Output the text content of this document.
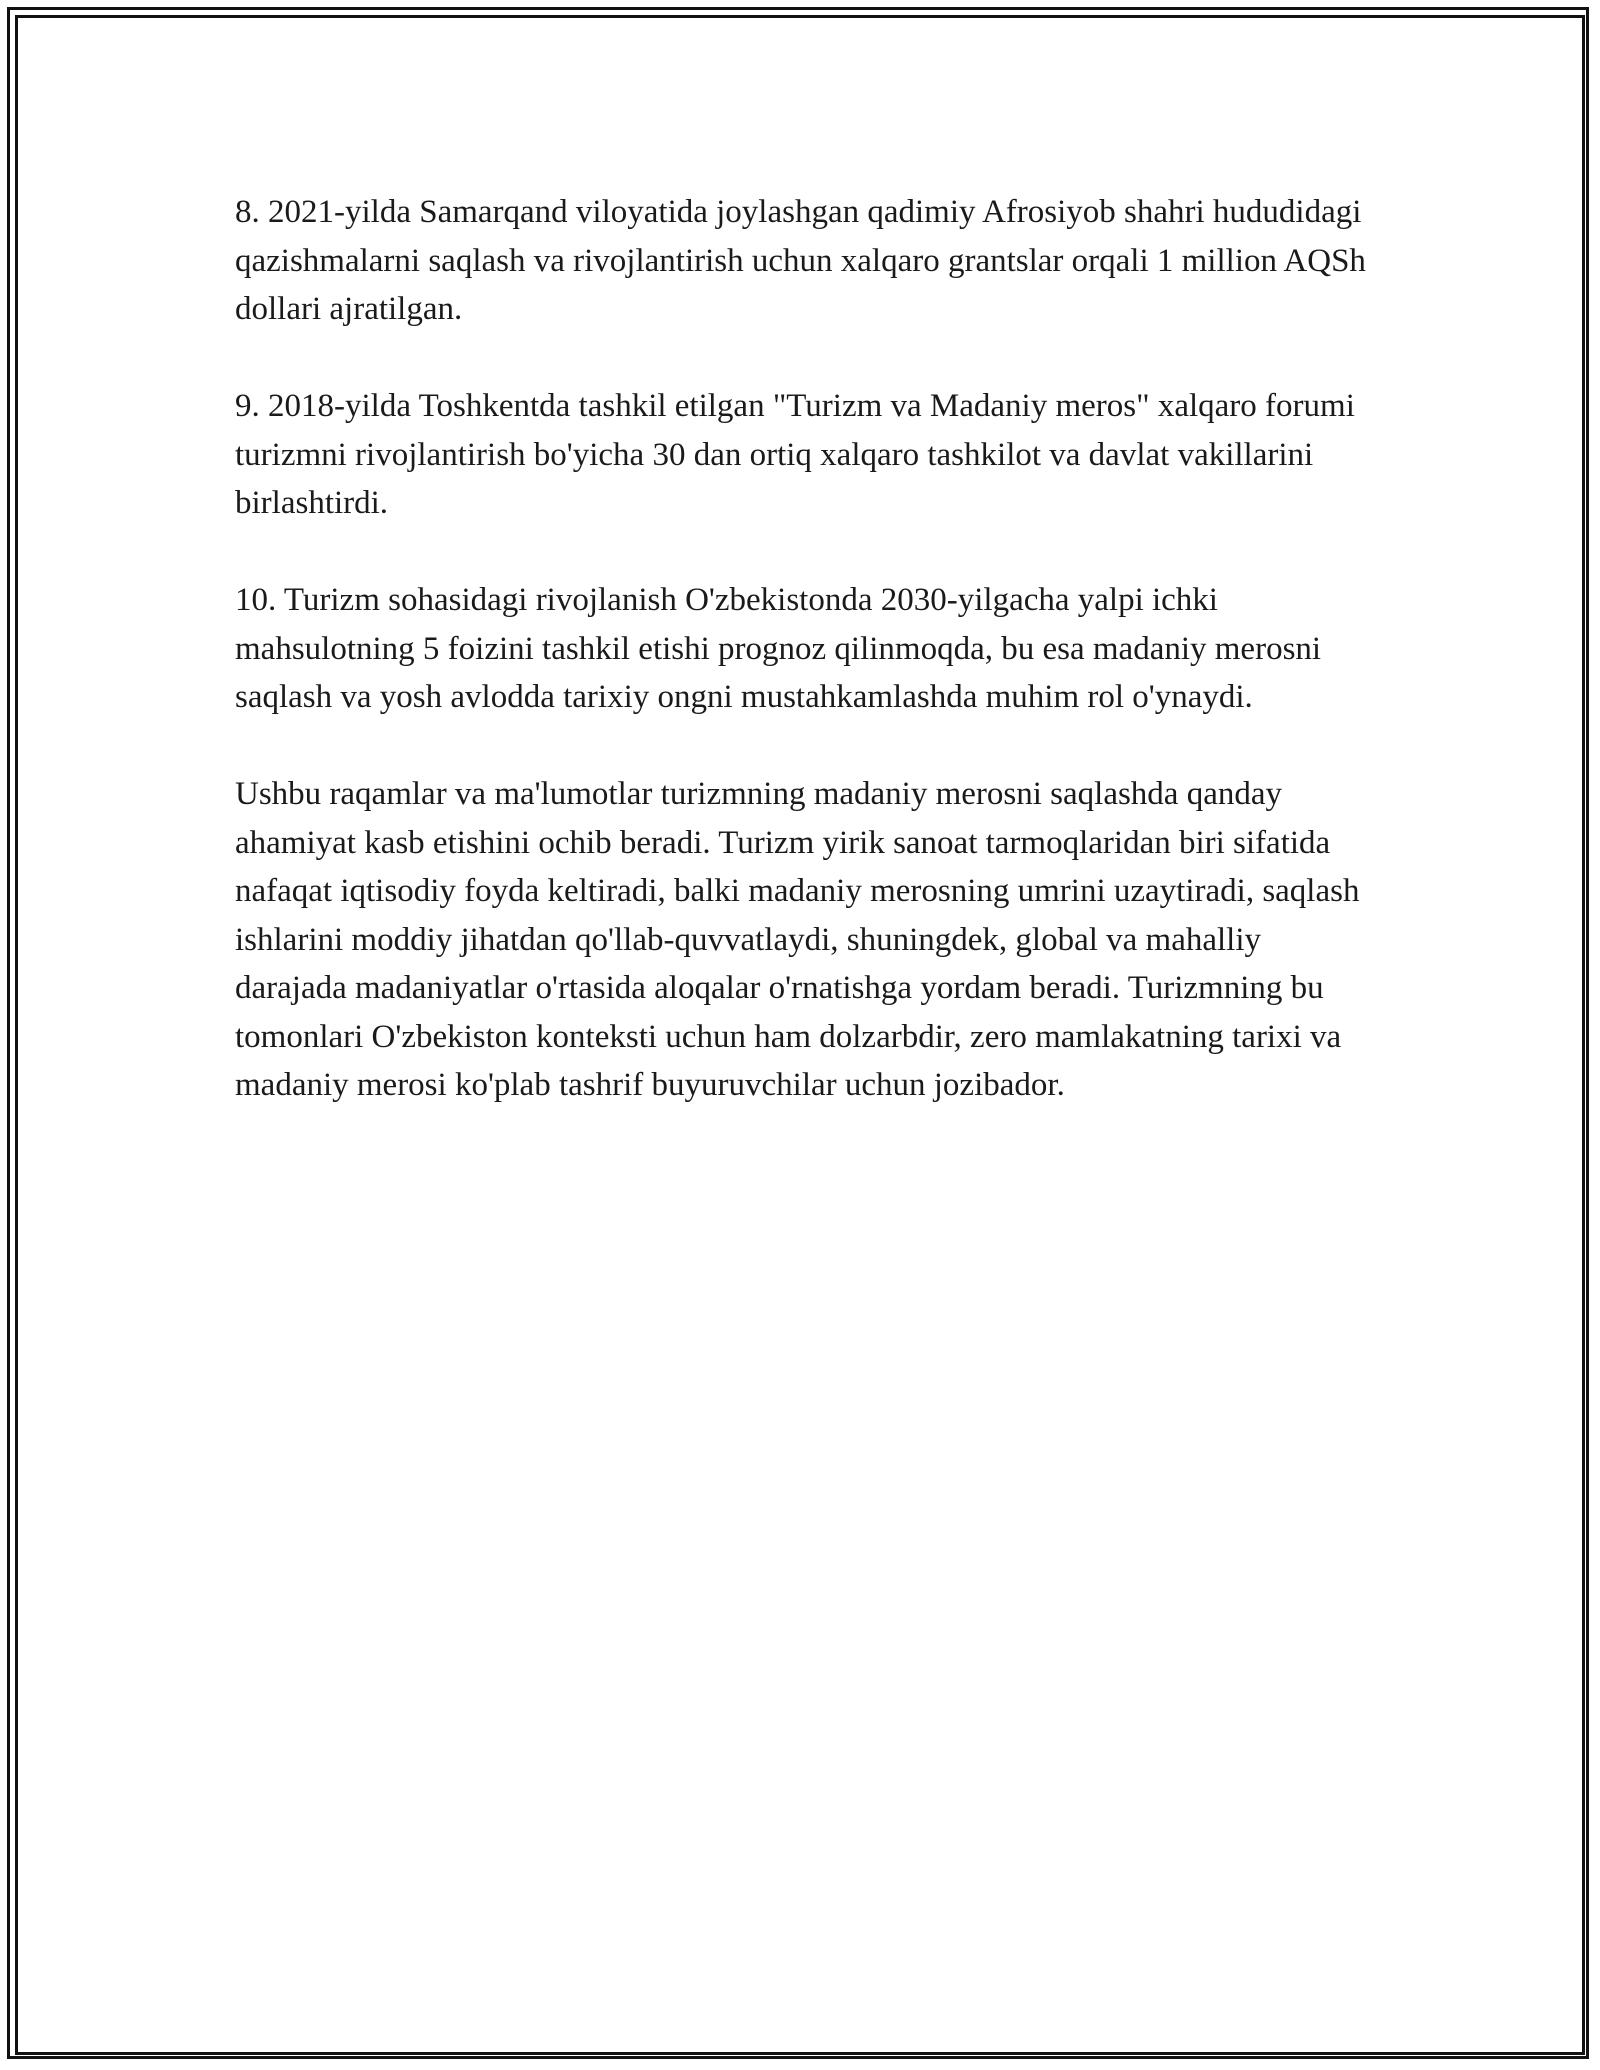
8. 2021-yilda Samarqand viloyatida joylashgan qadimiy Afrosiyob shahri hududidagi qazishmalarni saqlash va rivojlantirish uchun xalqaro grantslar orqali 1 million AQSh dollari ajratilgan.

9. 2018-yilda Toshkentda tashkil etilgan "Turizm va Madaniy meros" xalqaro forumi turizmni rivojlantirish bo'yicha 30 dan ortiq xalqaro tashkilot va davlat vakillarini birlashtirdi.

10. Turizm sohasidagi rivojlanish O'zbekistonda 2030-yilgacha yalpi ichki mahsulotning 5 foizini tashkil etishi prognoz qilinmoqda, bu esa madaniy merosni saqlash va yosh avlodda tarixiy ongni mustahkamlashda muhim rol o'ynaydi.

Ushbu raqamlar va ma'lumotlar turizmning madaniy merosni saqlashda qanday ahamiyat kasb etishini ochib beradi. Turizm yirik sanoat tarmoqlaridan biri sifatida nafaqat iqtisodiy foyda keltiradi, balki madaniy merosning umrini uzaytiradi, saqlash ishlarini moddiy jihatdan qo'llab-quvvatlaydi, shuningdek, global va mahalliy darajada madaniyatlar o'rtasida aloqalar o'rnatishga yordam beradi. Turizmning bu tomonlari O'zbekiston konteksti uchun ham dolzarbdir, zero mamlakatning tarixi va madaniy merosi ko'plab tashrif buyuruvchilar uchun jozibador.
